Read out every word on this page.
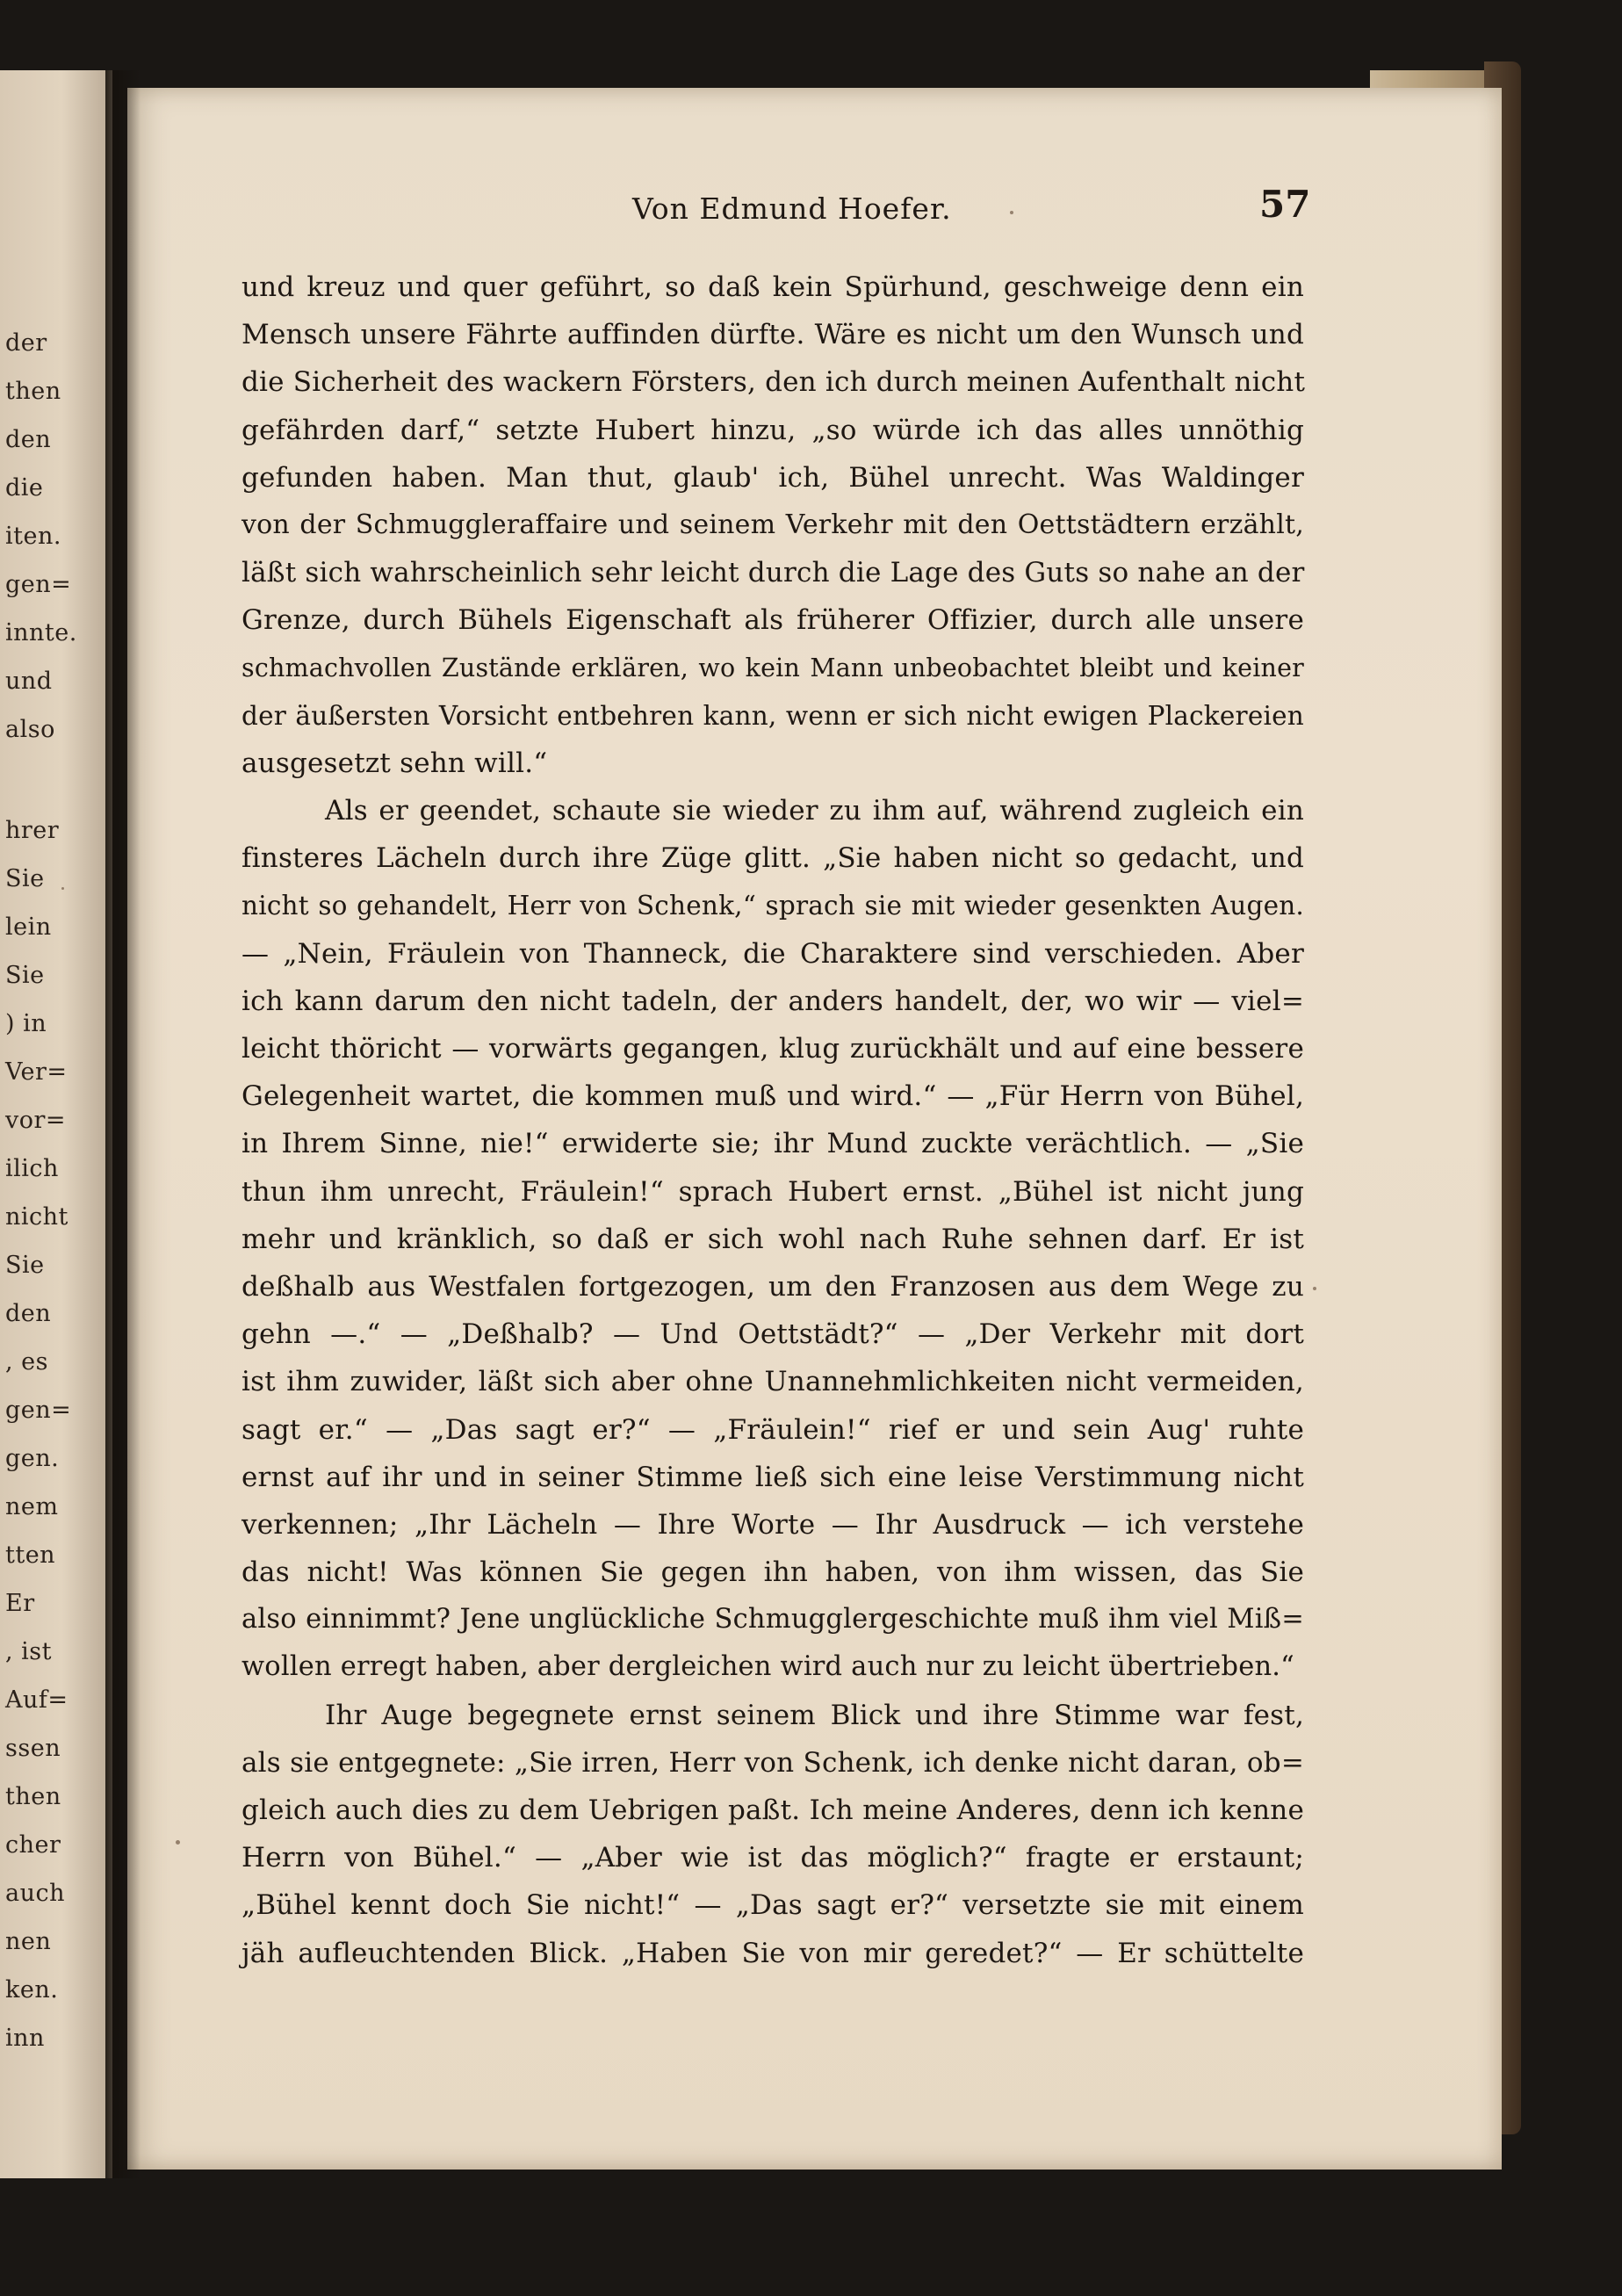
der
then
den
die
iten.
gen=
innte.
und
also
hrer
Sie
lein
Sie
) in
Ver=
vor=
ilich
nicht
Sie
den
, es
gen=
gen.
nem
tten
Er
, ist
Auf=
ssen
then
cher
auch
nen
ken.
inn
Von Edmund Hoefer.	57
und kreuz und quer geführt, so daß kein Spürhund, geschweige denn ein
Mensch unsere Fährte auffinden dürfte. Wäre es nicht um den Wunsch und
die Sicherheit des wackern Försters, den ich durch meinen Aufenthalt nicht
gefährden darf,“ setzte Hubert hinzu, „so würde ich das alles unnöthig
gefunden haben. Man thut, glaub' ich, Bühel unrecht. Was Waldinger
von der Schmuggleraffaire und seinem Verkehr mit den Oettstädtern erzählt,
läßt sich wahrscheinlich sehr leicht durch die Lage des Guts so nahe an der
Grenze, durch Bühels Eigenschaft als früherer Offizier, durch alle unsere
schmachvollen Zustände erklären, wo kein Mann unbeobachtet bleibt und keiner
der äußersten Vorsicht entbehren kann, wenn er sich nicht ewigen Plackereien
ausgesetzt sehn will.“
Als er geendet, schaute sie wieder zu ihm auf, während zugleich ein
finsteres Lächeln durch ihre Züge glitt. „Sie haben nicht so gedacht, und
nicht so gehandelt, Herr von Schenk,“ sprach sie mit wieder gesenkten Augen.
— „Nein, Fräulein von Thanneck, die Charaktere sind verschieden. Aber
ich kann darum den nicht tadeln, der anders handelt, der, wo wir — viel=
leicht thöricht — vorwärts gegangen, klug zurückhält und auf eine bessere
Gelegenheit wartet, die kommen muß und wird.“ — „Für Herrn von Bühel,
in Ihrem Sinne, nie!“ erwiderte sie; ihr Mund zuckte verächtlich. — „Sie
thun ihm unrecht, Fräulein!“ sprach Hubert ernst. „Bühel ist nicht jung
mehr und kränklich, so daß er sich wohl nach Ruhe sehnen darf. Er ist
deßhalb aus Westfalen fortgezogen, um den Franzosen aus dem Wege zu
gehn —.“ — „Deßhalb? — Und Oettstädt?“ — „Der Verkehr mit dort
ist ihm zuwider, läßt sich aber ohne Unannehmlichkeiten nicht vermeiden,
sagt er.“ — „Das sagt er?“ — „Fräulein!“ rief er und sein Aug' ruhte
ernst auf ihr und in seiner Stimme ließ sich eine leise Verstimmung nicht
verkennen; „Ihr Lächeln — Ihre Worte — Ihr Ausdruck — ich verstehe
das nicht! Was können Sie gegen ihn haben, von ihm wissen, das Sie
also einnimmt? Jene unglückliche Schmugglergeschichte muß ihm viel Miß=
wollen erregt haben, aber dergleichen wird auch nur zu leicht übertrieben.“
Ihr Auge begegnete ernst seinem Blick und ihre Stimme war fest,
als sie entgegnete: „Sie irren, Herr von Schenk, ich denke nicht daran, ob=
gleich auch dies zu dem Uebrigen paßt. Ich meine Anderes, denn ich kenne
Herrn von Bühel.“ — „Aber wie ist das möglich?“ fragte er erstaunt;
„Bühel kennt doch Sie nicht!“ — „Das sagt er?“ versetzte sie mit einem
jäh aufleuchtenden Blick. „Haben Sie von mir geredet?“ — Er schüttelte
